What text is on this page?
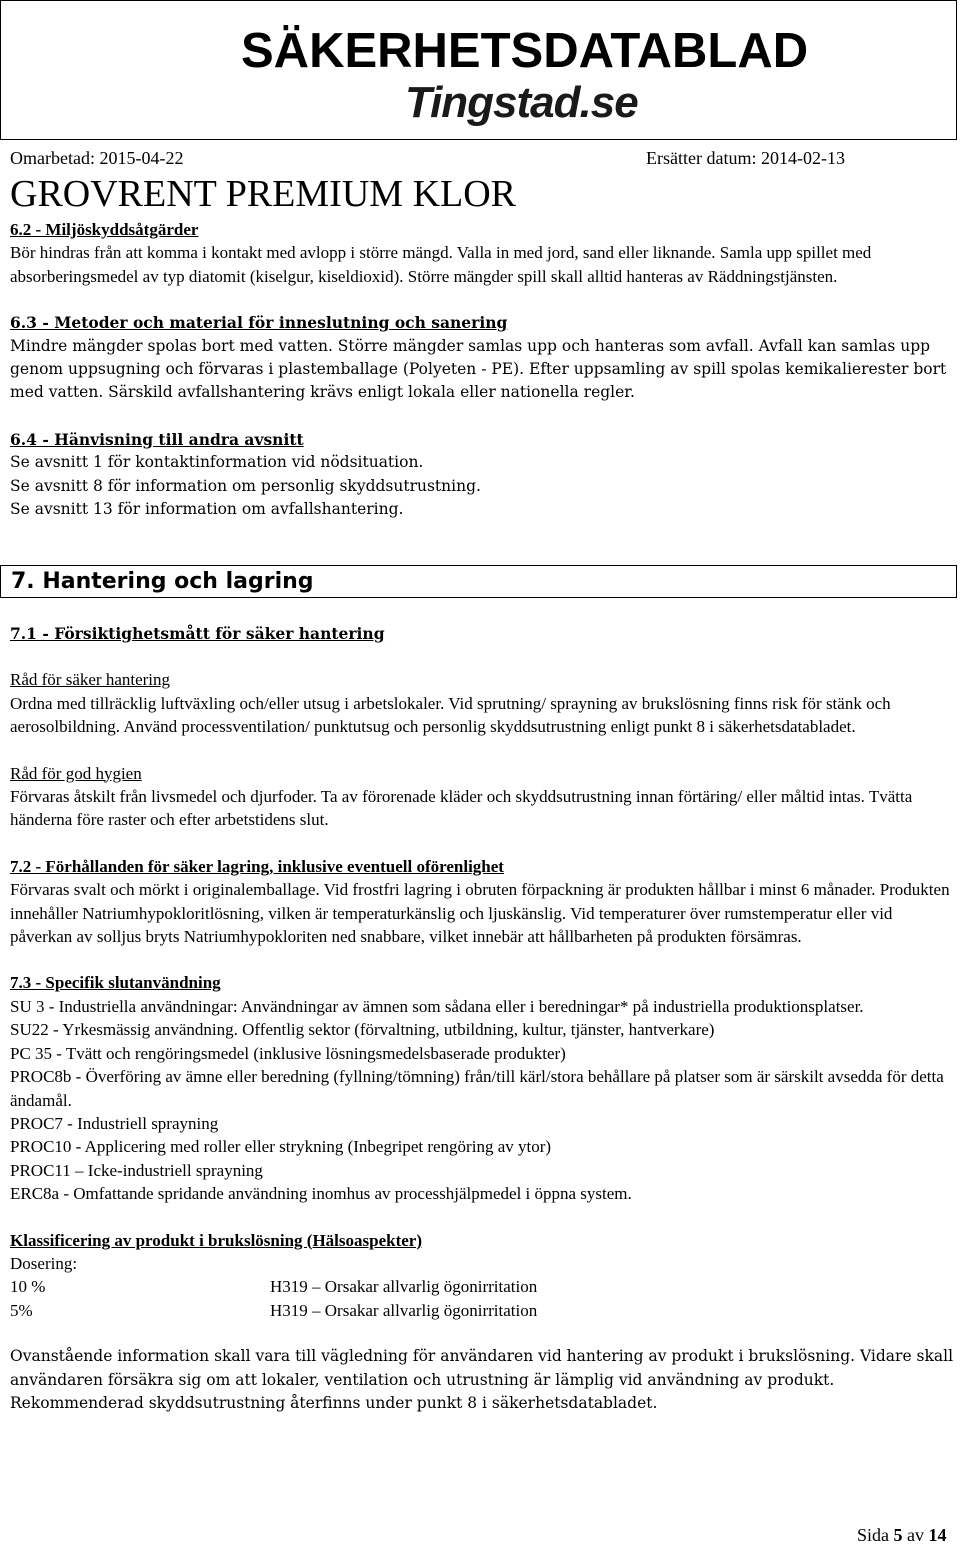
SÄKERHETSDATABLAD
Tingstad.se
Omarbetad: 2015-04-22	Ersätter datum: 2014-02-13
GROVRENT PREMIUM KLOR

6.2 - Miljöskyddsåtgärder

Bör hindras från att komma i kontakt med avlopp i större mängd. Valla in med jord, sand eller liknande. Samla upp spillet med absorberingsmedel av typ diatomit (kiselgur, kiseldioxid). Större mängder spill skall alltid hanteras av Räddningstjänsten.

6.3 - Metoder och material för inneslutning och sanering

Mindre mängder spolas bort med vatten. Större mängder samlas upp och hanteras som avfall. Avfall kan samlas upp genom uppsugning och förvaras i plastemballage (Polyeten - PE). Efter uppsamling av spill spolas kemikalierester bort med vatten. Särskild avfallshantering krävs enligt lokala eller nationella regler.

6.4 - Hänvisning till andra avsnitt

Se avsnitt 1 för kontaktinformation vid nödsituation.

Se avsnitt 8 för information om personlig skyddsutrustning.

Se avsnitt 13 för information om avfallshantering.

7. Hantering och lagring

7.1 - Försiktighetsmått för säker hantering

Råd för säker hantering

Ordna med tillräcklig luftväxling och/eller utsug i arbetslokaler. Vid sprutning/ sprayning av brukslösning finns risk för stänk och aerosolbildning. Använd processventilation/ punktutsug och personlig skyddsutrustning enligt punkt 8 i säkerhetsdatabladet.

Råd för god hygien

Förvaras åtskilt från livsmedel och djurfoder. Ta av förorenade kläder och skyddsutrustning innan förtäring/ eller måltid intas. Tvätta händerna före raster och efter arbetstidens slut.

7.2 - Förhållanden för säker lagring, inklusive eventuell oförenlighet

Förvaras svalt och mörkt i originalemballage. Vid frostfri lagring i obruten förpackning är produkten hållbar i minst 6 månader. Produkten innehåller Natriumhypokloritlösning, vilken är temperaturkänslig och ljuskänslig. Vid temperaturer över rumstemperatur eller vid påverkan av solljus bryts Natriumhypokloriten ned snabbare, vilket innebär att hållbarheten på produkten försämras.

7.3 - Specifik slutanvändning

SU 3 - Industriella användningar: Användningar av ämnen som sådana eller i beredningar* på industriella produktionsplatser.

SU22 - Yrkesmässig användning. Offentlig sektor (förvaltning, utbildning, kultur, tjänster, hantverkare)

PC 35 - Tvätt och rengöringsmedel (inklusive lösningsmedelsbaserade produkter)

PROC8b - Överföring av ämne eller beredning (fyllning/tömning) från/till kärl/stora behållare på platser som är särskilt avsedda för detta ändamål.

PROC7 - Industriell sprayning

PROC10 - Applicering med roller eller strykning (Inbegripet rengöring av ytor)

PROC11 – Icke-industriell sprayning

ERC8a - Omfattande spridande användning inomhus av processhjälpmedel i öppna system.

Klassificering av produkt i brukslösning (Hälsoaspekter)

Dosering:

10 %	H319 – Orsakar allvarlig ögonirritation
5%	H319 – Orsakar allvarlig ögonirritation

Ovanstående information skall vara till vägledning för användaren vid hantering av produkt i brukslösning. Vidare skall användaren försäkra sig om att lokaler, ventilation och utrustning är lämplig vid användning av produkt. Rekommenderad skyddsutrustning återfinns under punkt 8 i säkerhetsdatabladet.

Sida 5 av 14
